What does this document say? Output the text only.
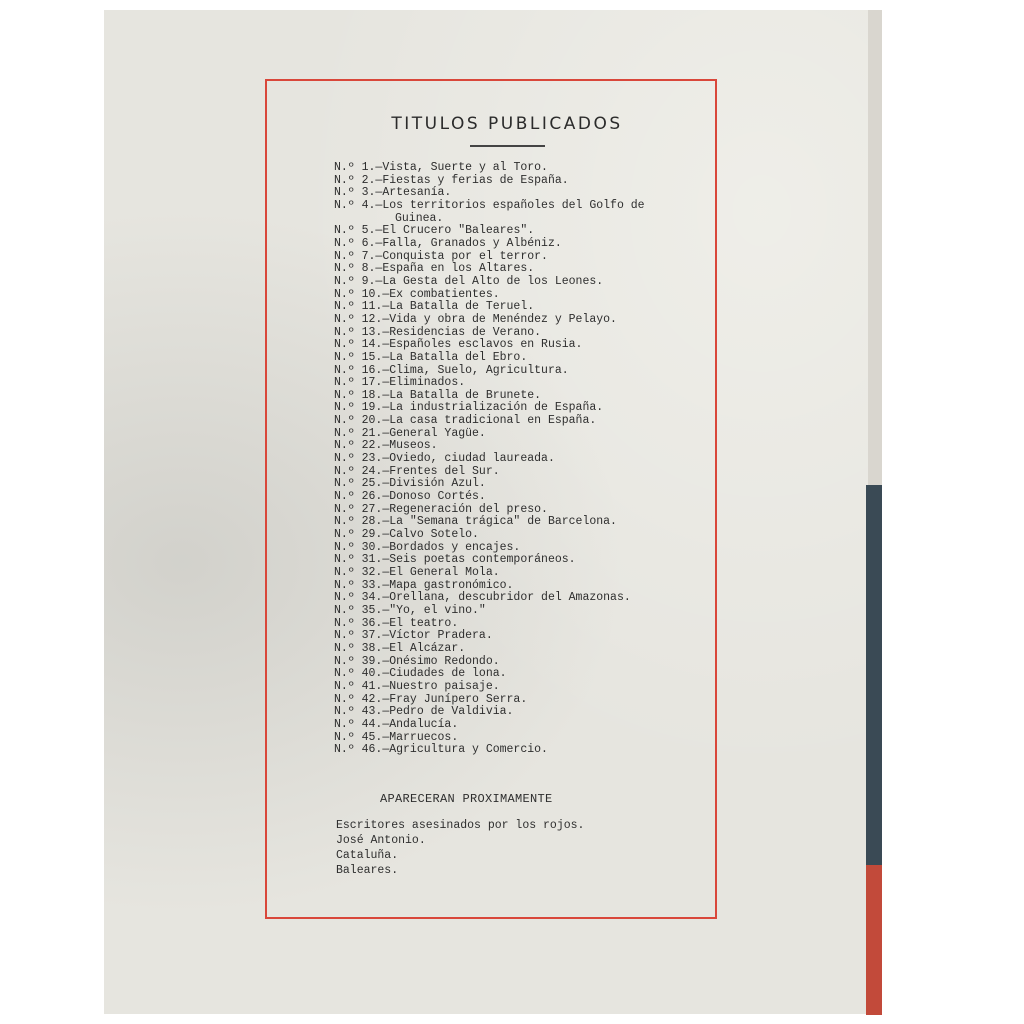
TITULOS PUBLICADOS
N.º 1.—Vista, Suerte y al Toro.
N.º 2.—Fiestas y ferias de España.
N.º 3.—Artesanía.
N.º 4.—Los territorios españoles del Golfo de
Guinea.
N.º 5.—El Crucero "Baleares".
N.º 6.—Falla, Granados y Albéniz.
N.º 7.—Conquista por el terror.
N.º 8.—España en los Altares.
N.º 9.—La Gesta del Alto de los Leones.
N.º 10.—Ex combatientes.
N.º 11.—La Batalla de Teruel.
N.º 12.—Vida y obra de Menéndez y Pelayo.
N.º 13.—Residencias de Verano.
N.º 14.—Españoles esclavos en Rusia.
N.º 15.—La Batalla del Ebro.
N.º 16.—Clima, Suelo, Agricultura.
N.º 17.—Eliminados.
N.º 18.—La Batalla de Brunete.
N.º 19.—La industrialización de España.
N.º 20.—La casa tradicional en España.
N.º 21.—General Yagüe.
N.º 22.—Museos.
N.º 23.—Oviedo, ciudad laureada.
N.º 24.—Frentes del Sur.
N.º 25.—División Azul.
N.º 26.—Donoso Cortés.
N.º 27.—Regeneración del preso.
N.º 28.—La "Semana trágica" de Barcelona.
N.º 29.—Calvo Sotelo.
N.º 30.—Bordados y encajes.
N.º 31.—Seis poetas contemporáneos.
N.º 32.—El General Mola.
N.º 33.—Mapa gastronómico.
N.º 34.—Orellana, descubridor del Amazonas.
N.º 35.—"Yo, el vino."
N.º 36.—El teatro.
N.º 37.—Víctor Pradera.
N.º 38.—El Alcázar.
N.º 39.—Onésimo Redondo.
N.º 40.—Ciudades de lona.
N.º 41.—Nuestro paisaje.
N.º 42.—Fray Junípero Serra.
N.º 43.—Pedro de Valdivia.
N.º 44.—Andalucía.
N.º 45.—Marruecos.
N.º 46.—Agricultura y Comercio.
APARECERAN PROXIMAMENTE
Escritores asesinados por los rojos.
José Antonio.
Cataluña.
Baleares.
